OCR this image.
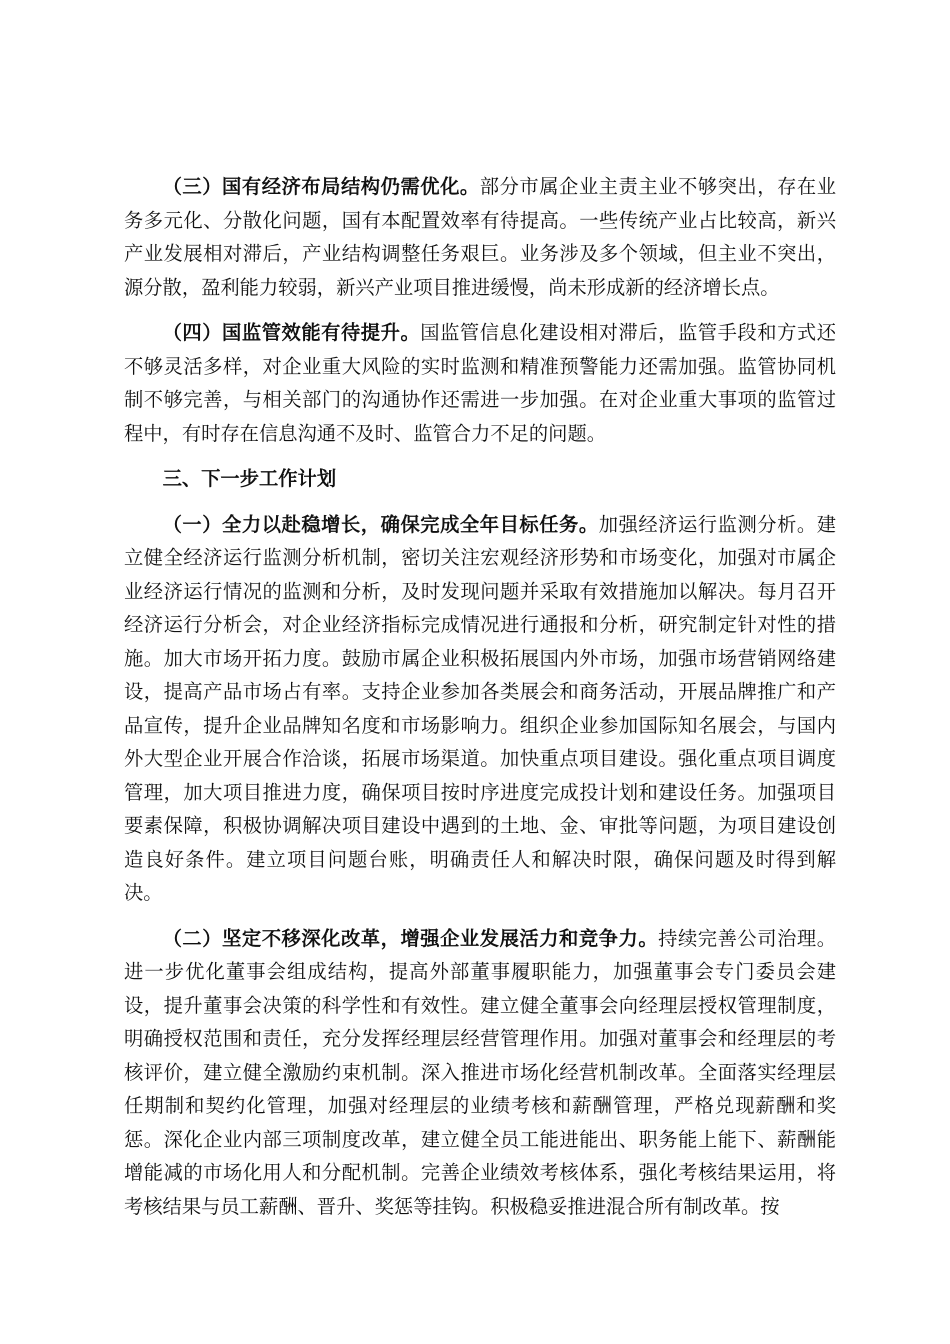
（三）国有经济布局结构仍需优化。部分市属企业主责主业不够突出，存在业务多元化、分散化问题，国有本配置效率有待提高。一些传统产业占比较高，新兴产业发展相对滞后，产业结构调整任务艰巨。业务涉及多个领域，但主业不突出，源分散，盈利能力较弱，新兴产业项目推进缓慢，尚未形成新的经济增长点。

（四）国监管效能有待提升。国监管信息化建设相对滞后，监管手段和方式还不够灵活多样，对企业重大风险的实时监测和精准预警能力还需加强。监管协同机制不够完善，与相关部门的沟通协作还需进一步加强。在对企业重大事项的监管过程中，有时存在信息沟通不及时、监管合力不足的问题。

三、下一步工作计划

（一）全力以赴稳增长，确保完成全年目标任务。加强经济运行监测分析。建立健全经济运行监测分析机制，密切关注宏观经济形势和市场变化，加强对市属企业经济运行情况的监测和分析，及时发现问题并采取有效措施加以解决。每月召开经济运行分析会，对企业经济指标完成情况进行通报和分析，研究制定针对性的措施。加大市场开拓力度。鼓励市属企业积极拓展国内外市场，加强市场营销网络建设，提高产品市场占有率。支持企业参加各类展会和商务活动，开展品牌推广和产品宣传，提升企业品牌知名度和市场影响力。组织企业参加国际知名展会，与国内外大型企业开展合作洽谈，拓展市场渠道。加快重点项目建设。强化重点项目调度管理，加大项目推进力度，确保项目按时序进度完成投计划和建设任务。加强项目要素保障，积极协调解决项目建设中遇到的土地、金、审批等问题，为项目建设创造良好条件。建立项目问题台账，明确责任人和解决时限，确保问题及时得到解决。

（二）坚定不移深化改革，增强企业发展活力和竞争力。持续完善公司治理。进一步优化董事会组成结构，提高外部董事履职能力，加强董事会专门委员会建设，提升董事会决策的科学性和有效性。建立健全董事会向经理层授权管理制度，明确授权范围和责任，充分发挥经理层经营管理作用。加强对董事会和经理层的考核评价，建立健全激励约束机制。深入推进市场化经营机制改革。全面落实经理层任期制和契约化管理，加强对经理层的业绩考核和薪酬管理，严格兑现薪酬和奖惩。深化企业内部三项制度改革，建立健全员工能进能出、职务能上能下、薪酬能增能减的市场化用人和分配机制。完善企业绩效考核体系，强化考核结果运用，将考核结果与员工薪酬、晋升、奖惩等挂钩。积极稳妥推进混合所有制改革。按
